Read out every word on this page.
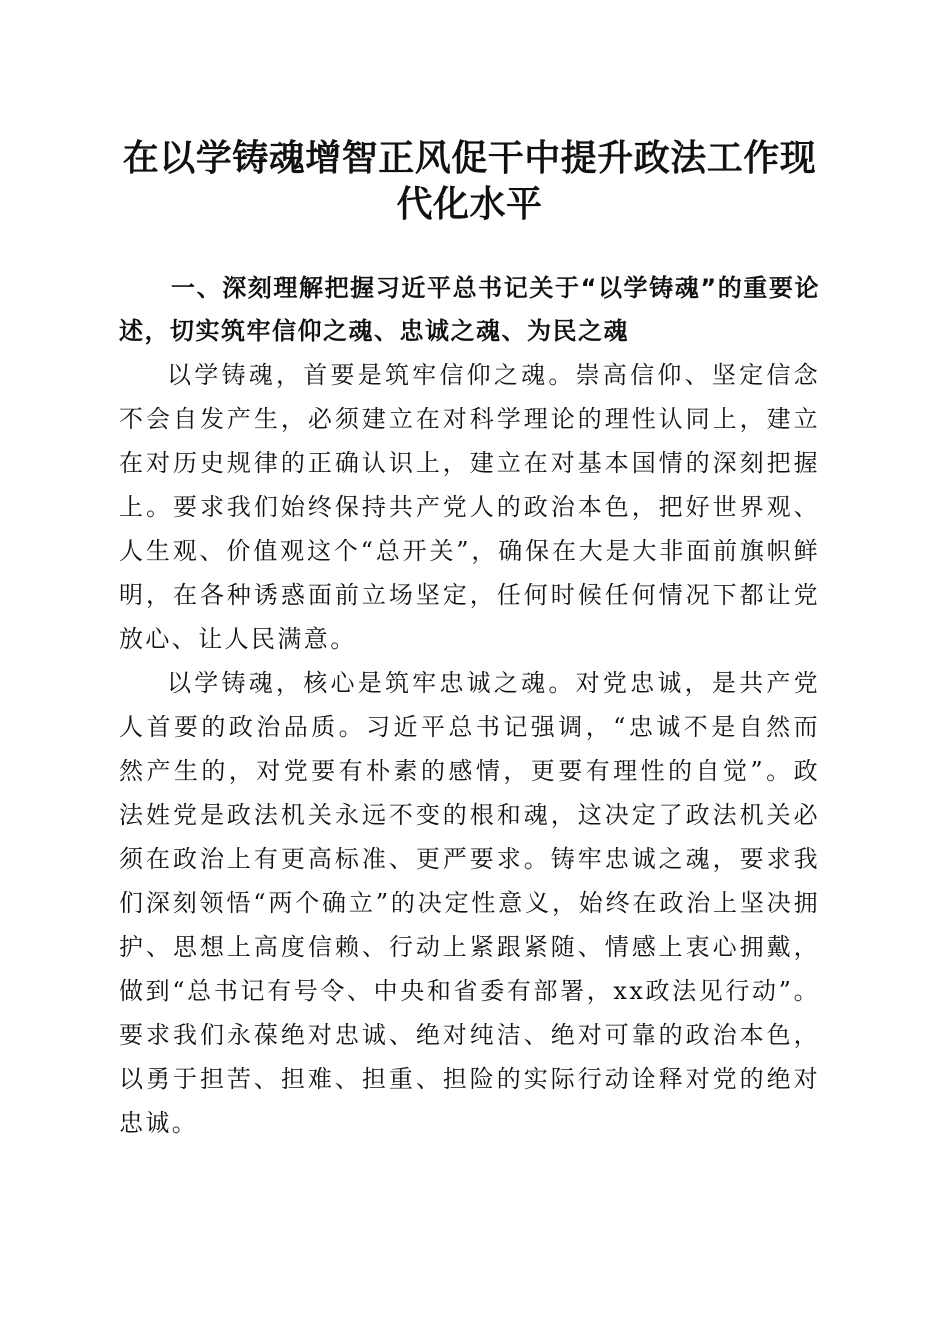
在以学铸魂增智正风促干中提升政法工作现代化水平

一、深刻理解把握习近平总书记关于“以学铸魂”的重要论述，切实筑牢信仰之魂、忠诚之魂、为民之魂

以学铸魂，首要是筑牢信仰之魂。崇高信仰、坚定信念不会自发产生，必须建立在对科学理论的理性认同上，建立在对历史规律的正确认识上，建立在对基本国情的深刻把握上。要求我们始终保持共产党人的政治本色，把好世界观、人生观、价值观这个“总开关”，确保在大是大非面前旗帜鲜明，在各种诱惑面前立场坚定，任何时候任何情况下都让党放心、让人民满意。

以学铸魂，核心是筑牢忠诚之魂。对党忠诚，是共产党人首要的政治品质。习近平总书记强调，“忠诚不是自然而然产生的，对党要有朴素的感情，更要有理性的自觉”。政法姓党是政法机关永远不变的根和魂，这决定了政法机关必须在政治上有更高标准、更严要求。铸牢忠诚之魂，要求我们深刻领悟“两个确立”的决定性意义，始终在政治上坚决拥护、思想上高度信赖、行动上紧跟紧随、情感上衷心拥戴，做到“总书记有号令、中央和省委有部署，xx政法见行动”。要求我们永葆绝对忠诚、绝对纯洁、绝对可靠的政治本色，以勇于担苦、担难、担重、担险的实际行动诠释对党的绝对忠诚。
